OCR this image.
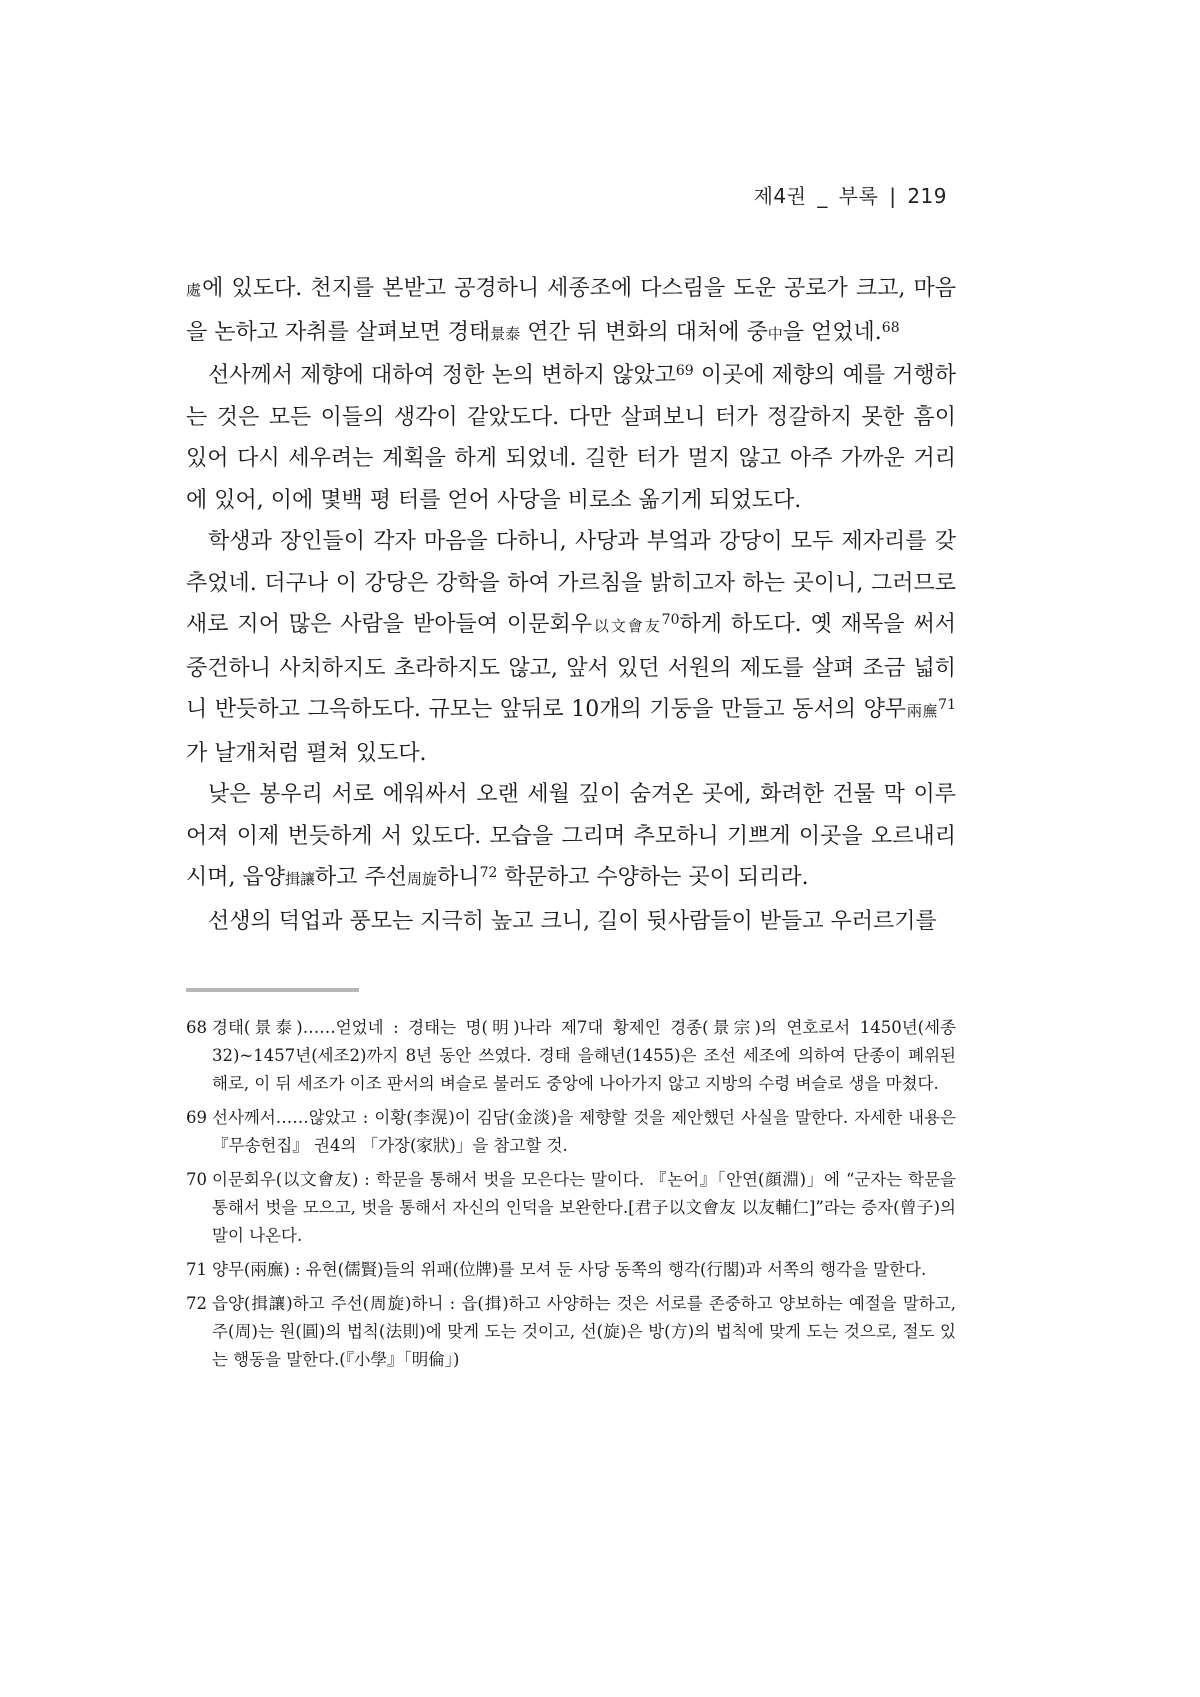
제4권 _ 부록 | 219

處에 있도다. 천지를 본받고 공경하니 세종조에 다스림을 도운 공로가 크고, 마음을 논하고 자취를 살펴보면 경태景泰 연간 뒤 변화의 대처에 중中을 얻었네.$^{68}$

선사께서 제향에 대하여 정한 논의 변하지 않았고$^{69}$ 이곳에 제향의 예를 거행하는 것은 모든 이들의 생각이 같았도다. 다만 살펴보니 터가 정갈하지 못한 흠이 있어 다시 세우려는 계획을 하게 되었네. 길한 터가 멀지 않고 아주 가까운 거리에 있어, 이에 몇백 평 터를 얻어 사당을 비로소 옮기게 되었도다.

학생과 장인들이 각자 마음을 다하니, 사당과 부엌과 강당이 모두 제자리를 갖추었네. 더구나 이 강당은 강학을 하여 가르침을 밝히고자 하는 곳이니, 그러므로 새로 지어 많은 사람을 받아들여 이문회우以文會友$^{70}$하게 하도다. 옛 재목을 써서 중건하니 사치하지도 초라하지도 않고, 앞서 있던 서원의 제도를 살펴 조금 넓히니 반듯하고 그윽하도다. 규모는 앞뒤로 10개의 기둥을 만들고 동서의 양무兩廡$^{71}$가 날개처럼 펼쳐 있도다.

낮은 봉우리 서로 에워싸서 오랜 세월 깊이 숨겨온 곳에, 화려한 건물 막 이루어져 이제 번듯하게 서 있도다. 모습을 그리며 추모하니 기쁘게 이곳을 오르내리시며, 읍양揖讓하고 주선周旋하니$^{72}$ 학문하고 수양하는 곳이 되리라.

선생의 덕업과 풍모는 지극히 높고 크니, 길이 뒷사람들이 받들고 우러르기를

68 경태(景泰)……얻었네 : 경태는 명(明)나라 제7대 황제인 경종(景宗)의 연호로서 1450년(세종32)~1457년(세조2)까지 8년 동안 쓰였다. 경태 을해년(1455)은 조선 세조에 의하여 단종이 폐위된 해로, 이 뒤 세조가 이조 판서의 벼슬로 불러도 중앙에 나아가지 않고 지방의 수령 벼슬로 생을 마쳤다.
69 선사께서……않았고 : 이황(李滉)이 김담(金淡)을 제향할 것을 제안했던 사실을 말한다. 자세한 내용은 『무송헌집』 권4의 「가장(家狀)」을 참고할 것.
70 이문회우(以文會友) : 학문을 통해서 벗을 모은다는 말이다. 『논어』「안연(顔淵)」에 “군자는 학문을 통해서 벗을 모으고, 벗을 통해서 자신의 인덕을 보완한다.[君子以文會友 以友輔仁]”라는 증자(曾子)의 말이 나온다.
71 양무(兩廡) : 유현(儒賢)들의 위패(位牌)를 모셔 둔 사당 동쪽의 행각(行閣)과 서쪽의 행각을 말한다.
72 읍양(揖讓)하고 주선(周旋)하니 : 읍(揖)하고 사양하는 것은 서로를 존중하고 양보하는 예절을 말하고, 주(周)는 원(圓)의 법칙(法則)에 맞게 도는 것이고, 선(旋)은 방(方)의 법칙에 맞게 도는 것으로, 절도 있는 행동을 말한다.(『小學』「明倫」)
